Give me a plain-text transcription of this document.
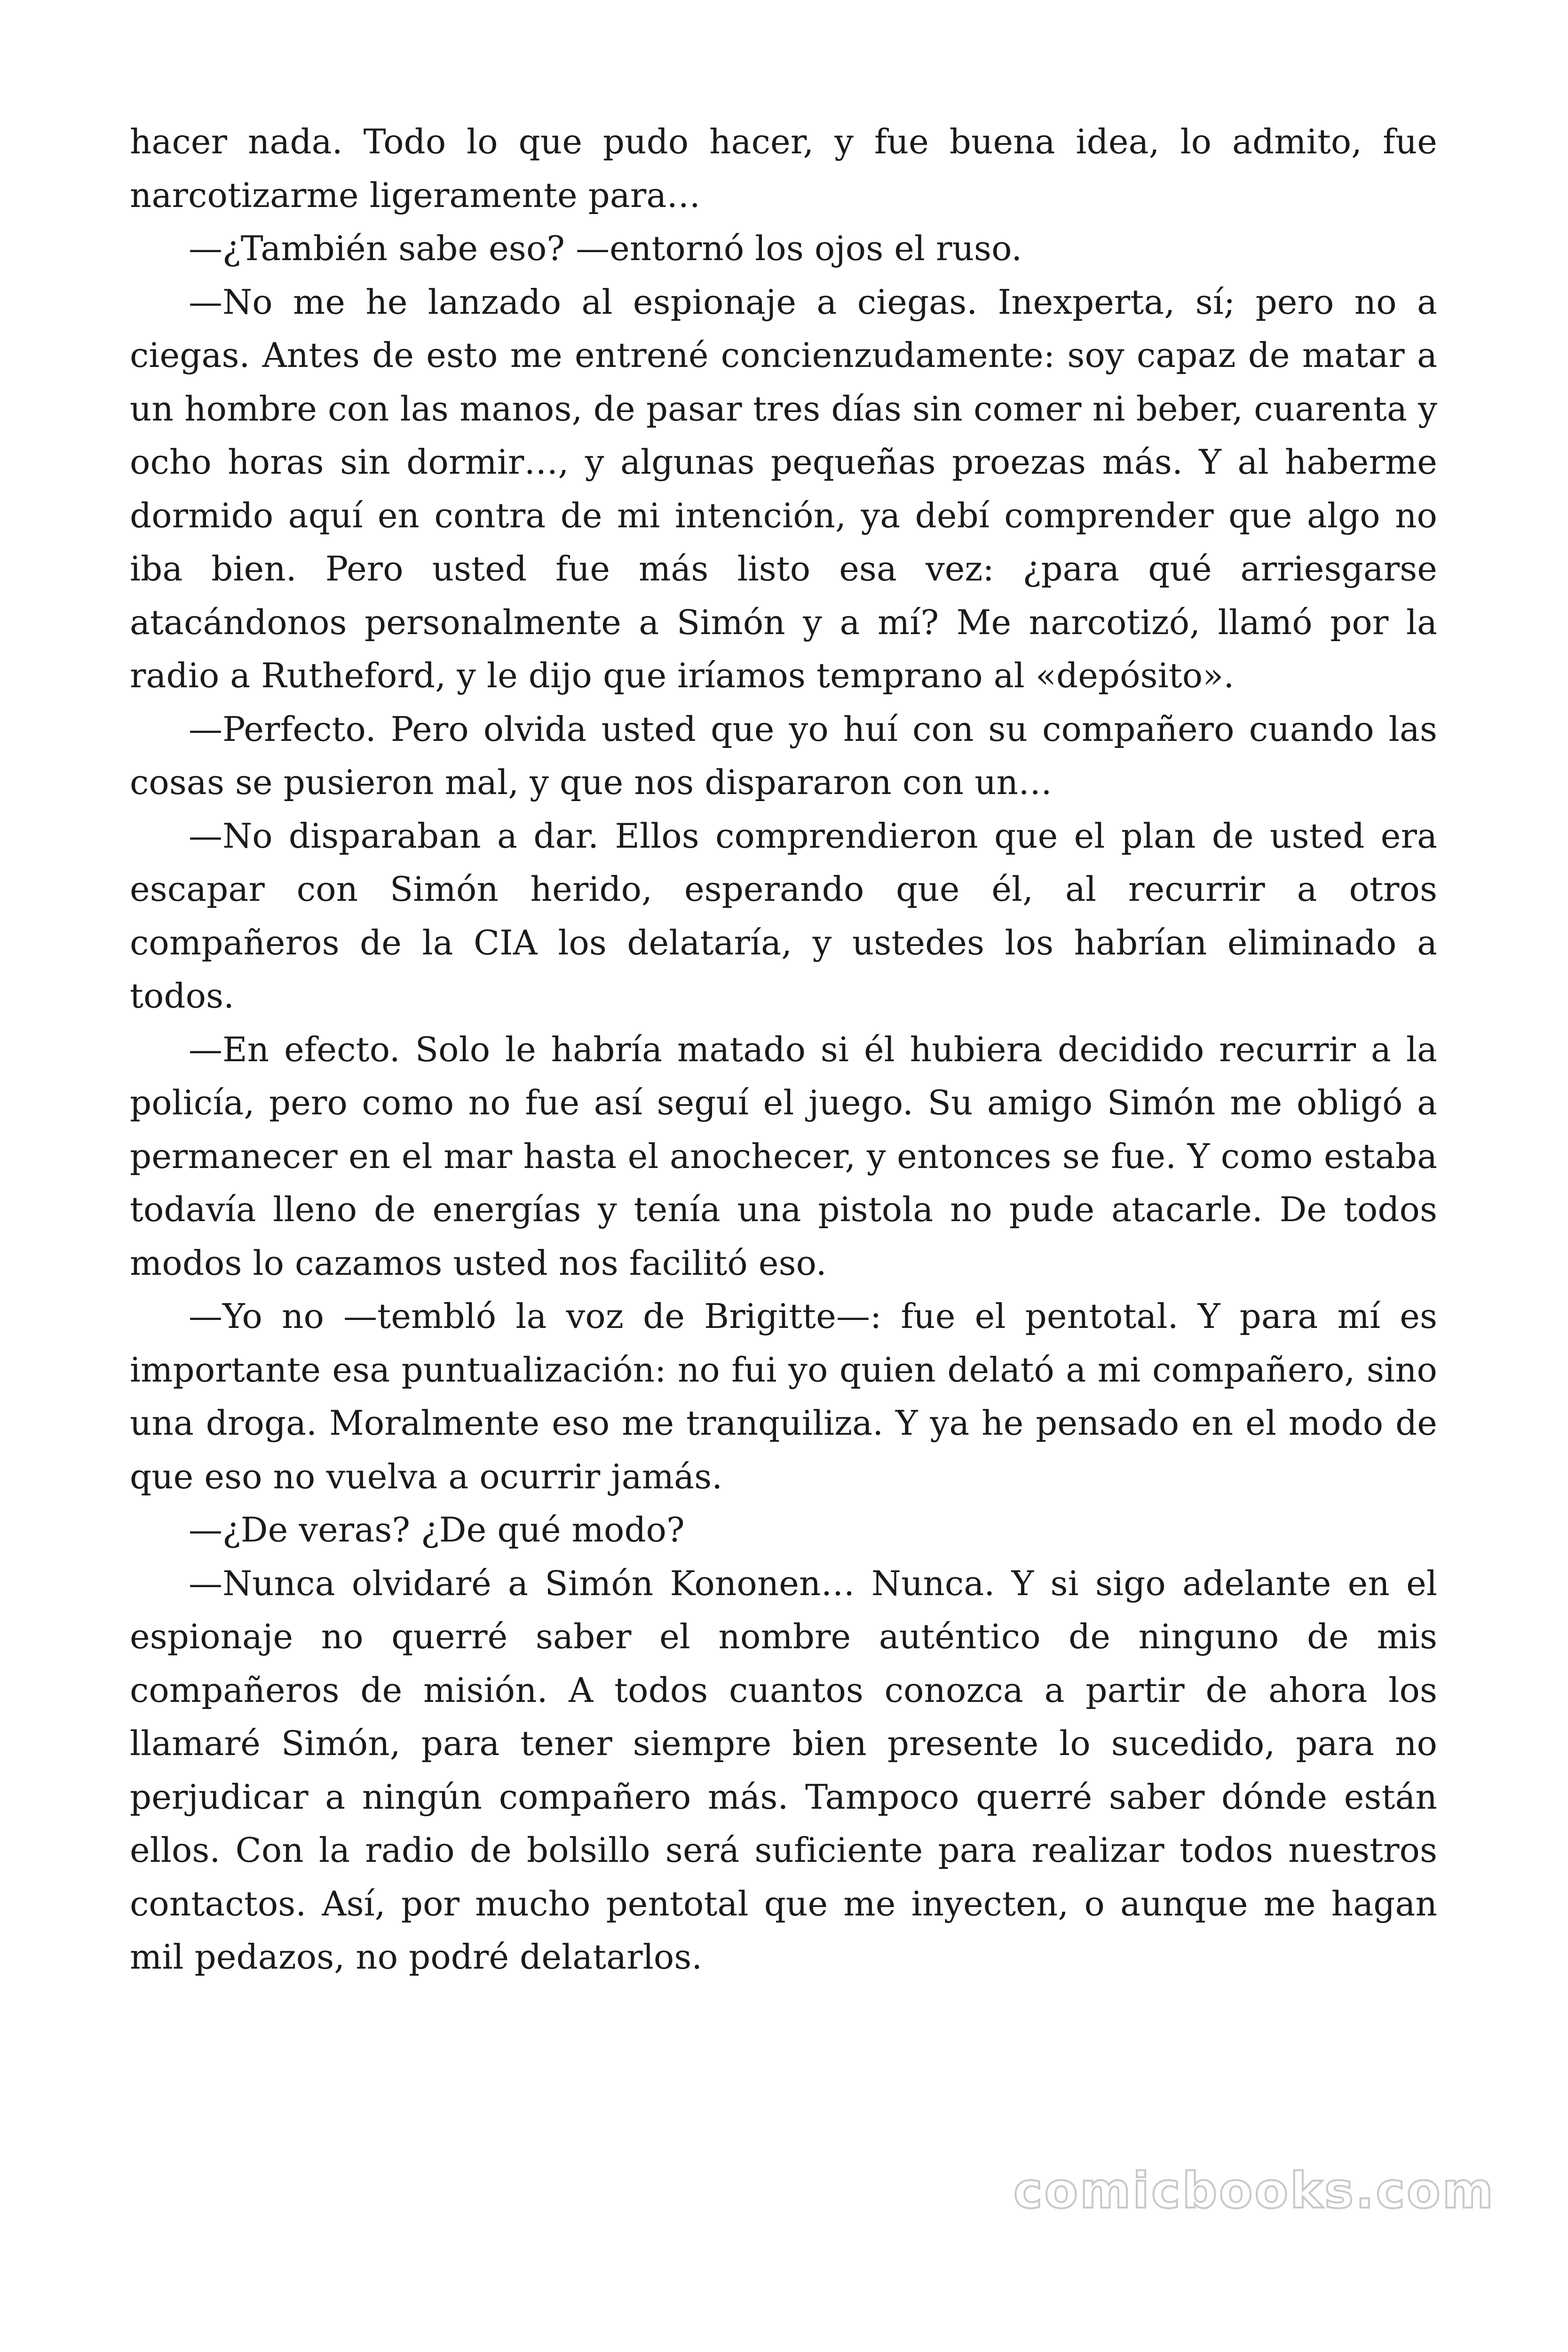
hacer nada. Todo lo que pudo hacer, y fue buena idea, lo admito, fue narcotizarme ligeramente para…

—¿También sabe eso? —entornó los ojos el ruso.

—No me he lanzado al espionaje a ciegas. Inexperta, sí; pero no a ciegas. Antes de esto me entrené concienzudamente: soy capaz de matar a un hombre con las manos, de pasar tres días sin comer ni beber, cuarenta y ocho horas sin dormir…, y algunas pequeñas proezas más. Y al haberme dormido aquí en contra de mi intención, ya debí comprender que algo no iba bien. Pero usted fue más listo esa vez: ¿para qué arriesgarse atacándonos personalmente a Simón y a mí? Me narcotizó, llamó por la radio a Rutheford, y le dijo que iríamos temprano al «depósito».

—Perfecto. Pero olvida usted que yo huí con su compañero cuando las cosas se pusieron mal, y que nos dispararon con un…

—No disparaban a dar. Ellos comprendieron que el plan de usted era escapar con Simón herido, esperando que él, al recurrir a otros compañeros de la CIA los delataría, y ustedes los habrían eliminado a todos.

—En efecto. Solo le habría matado si él hubiera decidido recurrir a la policía, pero como no fue así seguí el juego. Su amigo Simón me obligó a permanecer en el mar hasta el anochecer, y entonces se fue. Y como estaba todavía lleno de energías y tenía una pistola no pude atacarle. De todos modos lo cazamos usted nos facilitó eso.

—Yo no —tembló la voz de Brigitte—: fue el pentotal. Y para mí es importante esa puntualización: no fui yo quien delató a mi compañero, sino una droga. Moralmente eso me tranquiliza. Y ya he pensado en el modo de que eso no vuelva a ocurrir jamás.

—¿De veras? ¿De qué modo?

—Nunca olvidaré a Simón Kononen… Nunca. Y si sigo adelante en el espionaje no querré saber el nombre auténtico de ninguno de mis compañeros de misión. A todos cuantos conozca a partir de ahora los llamaré Simón, para tener siempre bien presente lo sucedido, para no perjudicar a ningún compañero más. Tampoco querré saber dónde están ellos. Con la radio de bolsillo será suficiente para realizar todos nuestros contactos. Así, por mucho pentotal que me inyecten, o aunque me hagan mil pedazos, no podré delatarlos.

comicbooks.com
